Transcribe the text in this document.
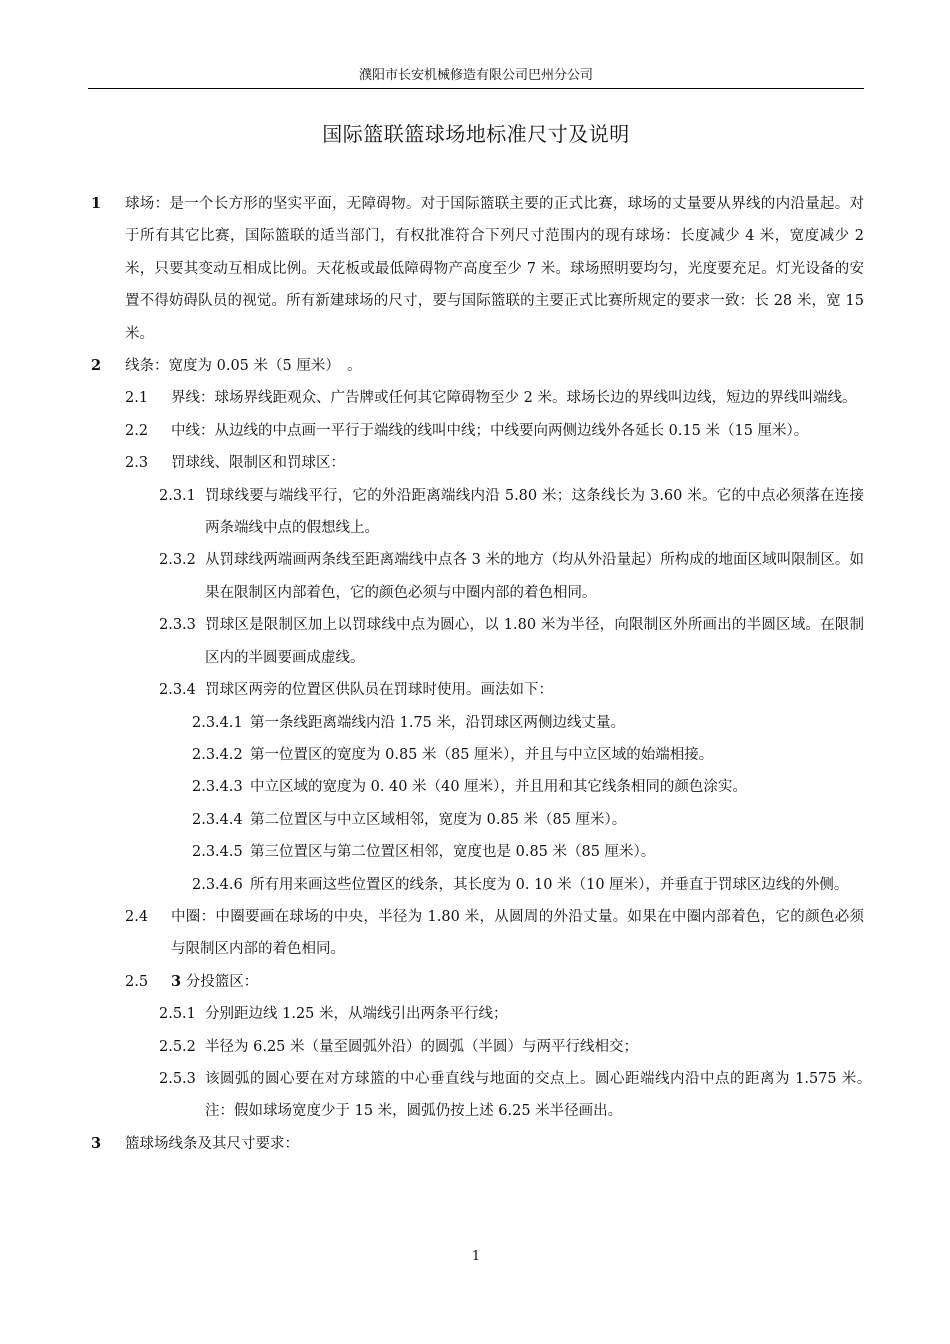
濮阳市长安机械修造有限公司巴州分公司
国际篮联篮球场地标准尺寸及说明
1 球场：是一个长方形的坚实平面，无障碍物。对于国际篮联主要的正式比赛，球场的丈量要从界线的内沿量起。对于所有其它比赛，国际篮联的适当部门，有权批准符合下列尺寸范围内的现有球场：长度减少 4 米，宽度减少 2 米，只要其变动互相成比例。天花板或最低障碍物产高度至少 7 米。球场照明要均匀，光度要充足。灯光设备的安置不得妨碍队员的视觉。所有新建球场的尺寸，要与国际篮联的主要正式比赛所规定的要求一致：长 28 米，宽 15 米。
2 线条：宽度为 0.05 米（5 厘米）　。
2.1 界线：球场界线距观众、广告牌或任何其它障碍物至少 2 米。球场长边的界线叫边线，短边的界线叫端线。
2.2 中线：从边线的中点画一平行于端线的线叫中线；中线要向两侧边线外各延长 0.15 米（15 厘米）。
2.3 罚球线、限制区和罚球区：
2.3.1 罚球线要与端线平行，它的外沿距离端线内沿 5.80 米；这条线长为 3.60 米。它的中点必须落在连接两条端线中点的假想线上。
2.3.2 从罚球线两端画两条线至距离端线中点各 3 米的地方（均从外沿量起）所构成的地面区域叫限制区。如果在限制区内部着色，它的颜色必须与中圈内部的着色相同。
2.3.3 罚球区是限制区加上以罚球线中点为圆心，以 1.80 米为半径，向限制区外所画出的半圆区域。在限制区内的半圆要画成虚线。
2.3.4 罚球区两旁的位置区供队员在罚球时使用。画法如下：
2.3.4.1 第一条线距离端线内沿 1.75 米，沿罚球区两侧边线丈量。
2.3.4.2 第一位置区的宽度为 0.85 米（85 厘米），并且与中立区域的始端相接。
2.3.4.3 中立区域的宽度为 0. 40 米（40 厘米），并且用和其它线条相同的颜色涂实。
2.3.4.4 第二位置区与中立区域相邻，宽度为 0.85 米（85 厘米）。
2.3.4.5 第三位置区与第二位置区相邻，宽度也是 0.85 米（85 厘米）。
2.3.4.6 所有用来画这些位置区的线条，其长度为 0. 10 米（10 厘米），并垂直于罚球区边线的外侧。
2.4 中圈：中圈要画在球场的中央，半径为 1.80 米，从圆周的外沿丈量。如果在中圈内部着色，它的颜色必须与限制区内部的着色相同。
2.5 3 分投篮区：
2.5.1 分别距边线 1.25 米，从端线引出两条平行线；
2.5.2 半径为 6.25 米（量至圆弧外沿）的圆弧（半圆）与两平行线相交；
2.5.3 该圆弧的圆心要在对方球篮的中心垂直线与地面的交点上。圆心距端线内沿中点的距离为 1.575 米。　注：假如球场宽度少于 15 米，圆弧仍按上述 6.25 米半径画出。
3 篮球场线条及其尺寸要求：
1
